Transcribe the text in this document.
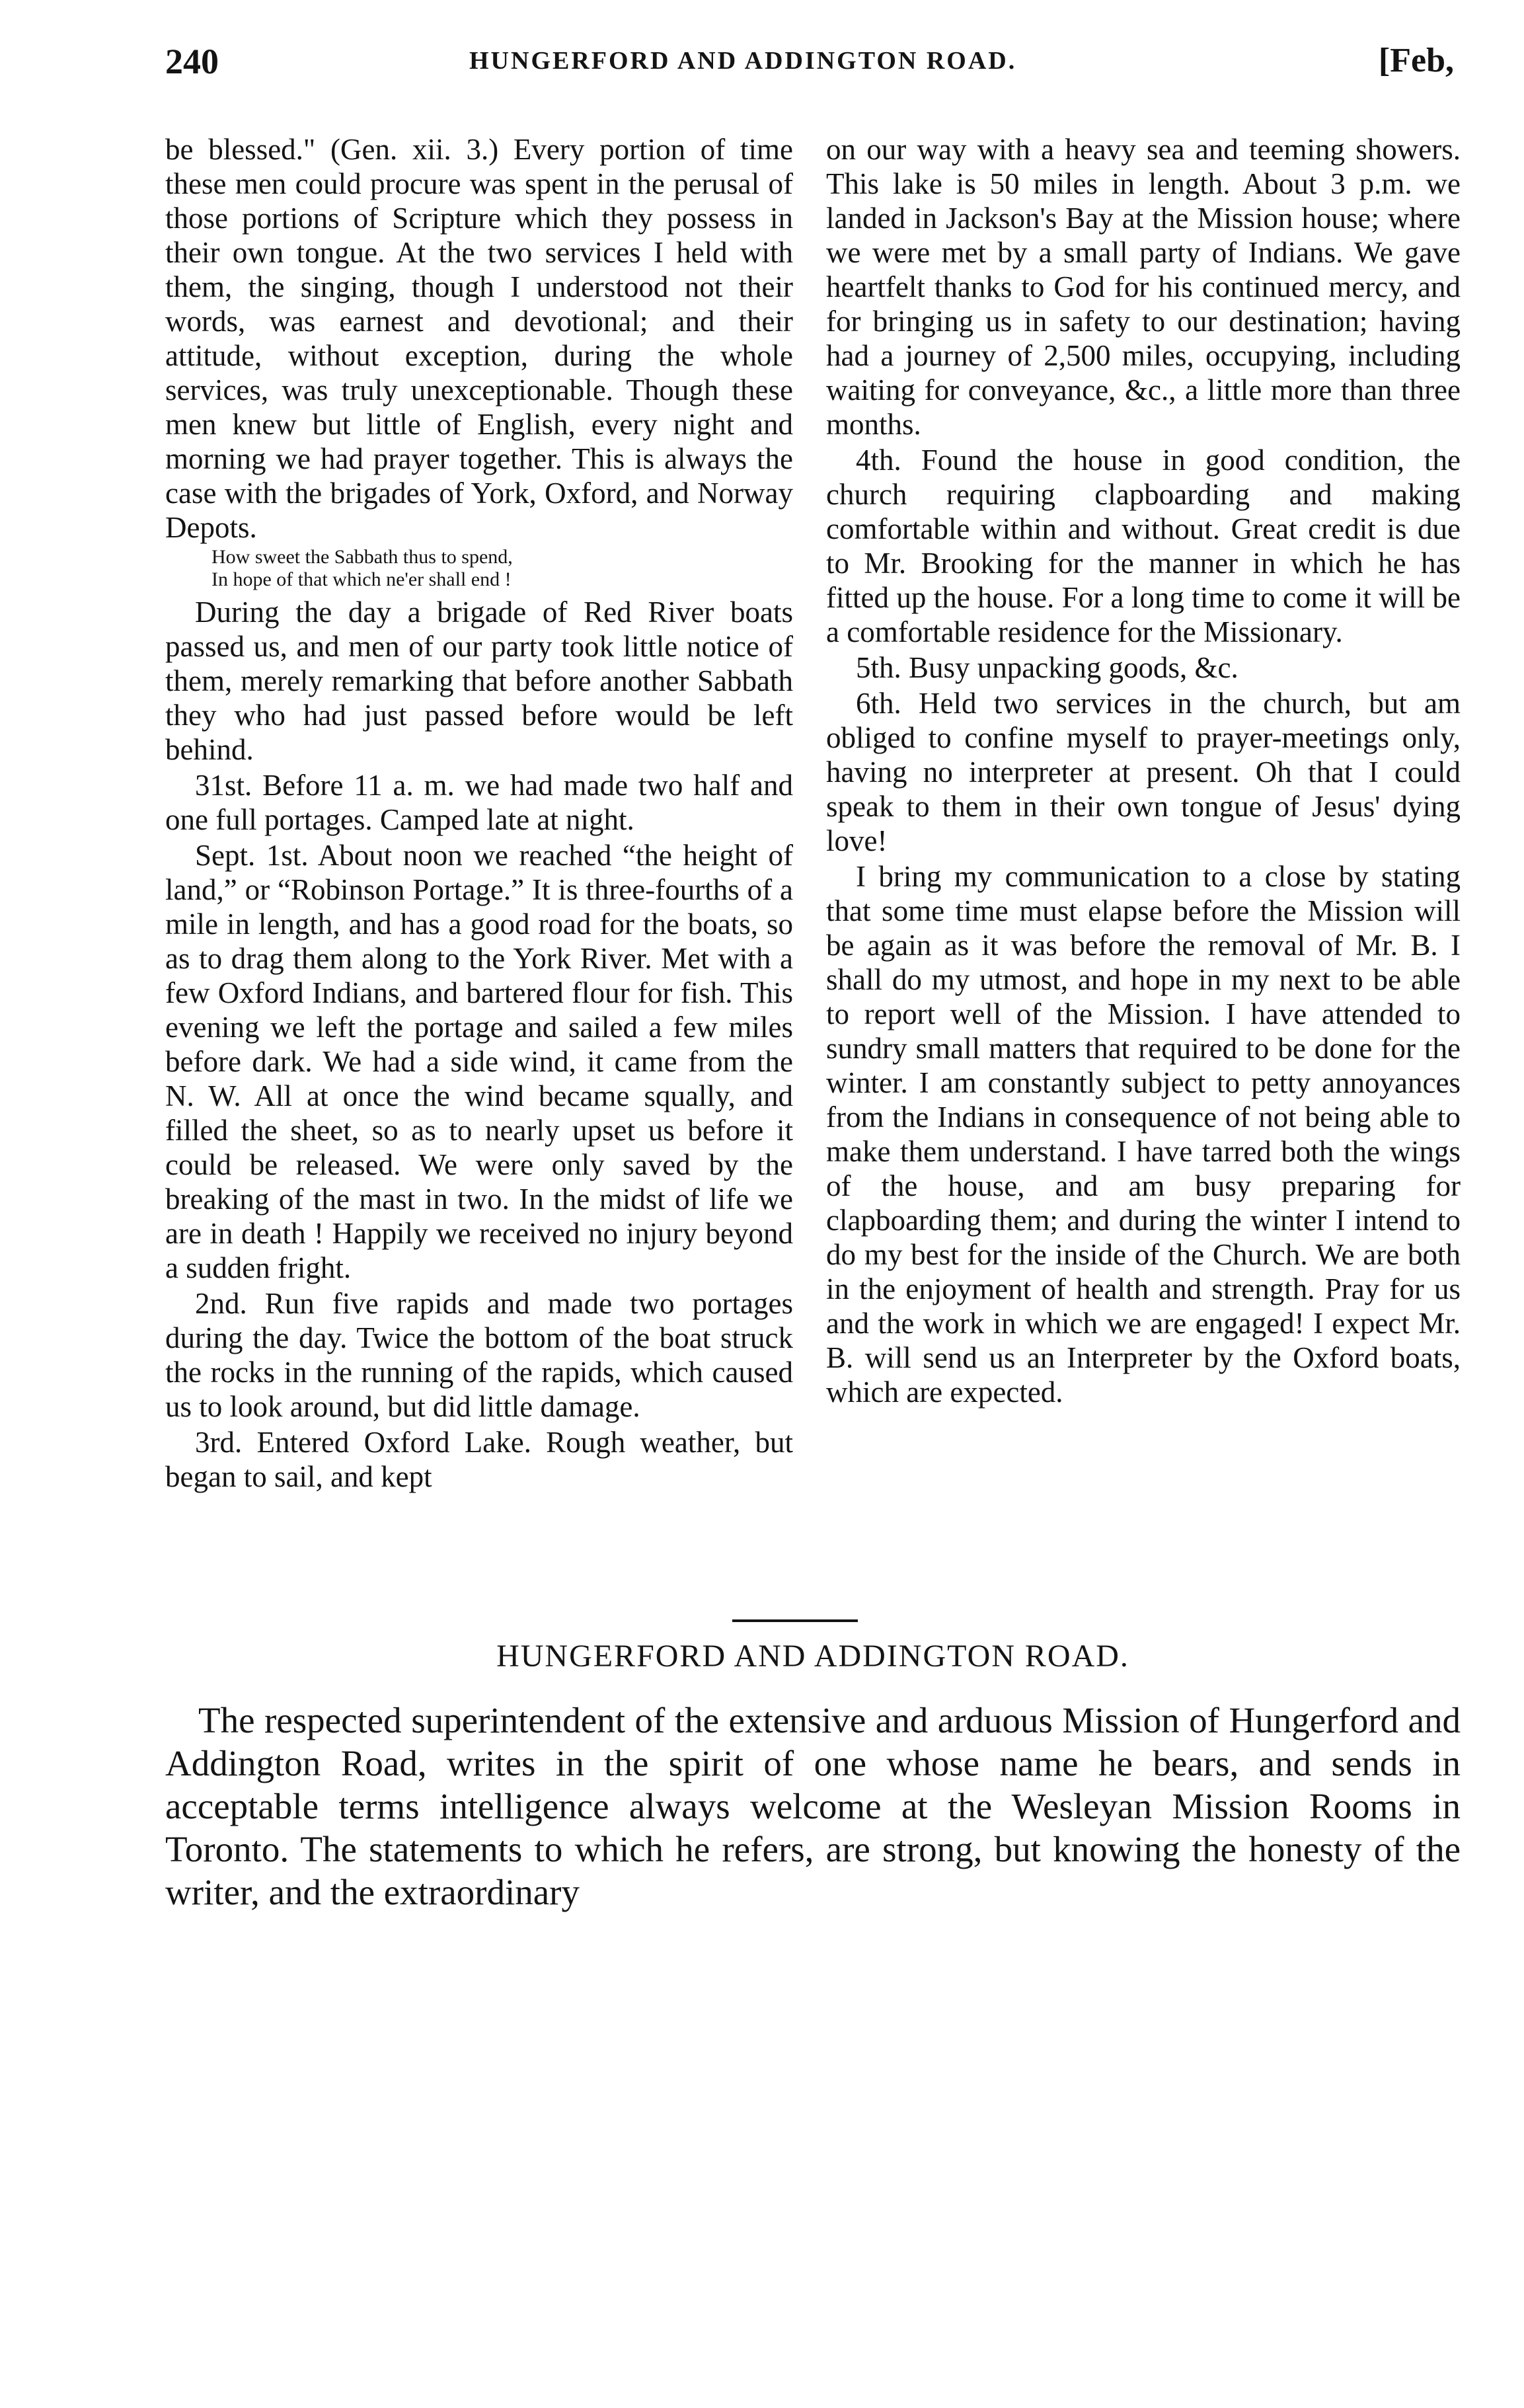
240	HUNGERFORD AND ADDINGTON ROAD.	[Feb,

be blessed." (Gen. xii. 3.) Every portion of time these men could procure was spent in the perusal of those portions of Scripture which they possess in their own tongue. At the two services I held with them, the singing, though I understood not their words, was earnest and devotional; and their attitude, without exception, during the whole services, was truly unexceptionable. Though these men knew but little of English, every night and morning we had prayer together. This is always the case with the brigades of York, Oxford, and Norway Depots.

How sweet the Sabbath thus to spend,
In hope of that which ne'er shall end !

During the day a brigade of Red River boats passed us, and men of our party took little notice of them, merely remarking that before another Sabbath they who had just passed before would be left behind.

31st. Before 11 a. m. we had made two half and one full portages. Camped late at night.

Sept. 1st. About noon we reached “the height of land,” or “Robinson Portage.” It is three-fourths of a mile in length, and has a good road for the boats, so as to drag them along to the York River. Met with a few Oxford Indians, and bartered flour for fish. This evening we left the portage and sailed a few miles before dark. We had a side wind, it came from the N. W. All at once the wind became squally, and filled the sheet, so as to nearly upset us before it could be released. We were only saved by the breaking of the mast in two. In the midst of life we are in death ! Happily we received no injury beyond a sudden fright.

2nd. Run five rapids and made two portages during the day. Twice the bottom of the boat struck the rocks in the running of the rapids, which caused us to look around, but did little damage.

3rd. Entered Oxford Lake. Rough weather, but began to sail, and kept

on our way with a heavy sea and teeming showers. This lake is 50 miles in length. About 3 p.m. we landed in Jackson's Bay at the Mission house; where we were met by a small party of Indians. We gave heartfelt thanks to God for his continued mercy, and for bringing us in safety to our destination; having had a journey of 2,500 miles, occupying, including waiting for conveyance, &c., a little more than three months.

4th. Found the house in good condition, the church requiring clapboarding and making comfortable within and without. Great credit is due to Mr. Brooking for the manner in which he has fitted up the house. For a long time to come it will be a comfortable residence for the Missionary.

5th. Busy unpacking goods, &c.

6th. Held two services in the church, but am obliged to confine myself to prayer-meetings only, having no interpreter at present. Oh that I could speak to them in their own tongue of Jesus' dying love!

I bring my communication to a close by stating that some time must elapse before the Mission will be again as it was before the removal of Mr. B. I shall do my utmost, and hope in my next to be able to report well of the Mission. I have attended to sundry small matters that required to be done for the winter. I am constantly subject to petty annoyances from the Indians in consequence of not being able to make them understand. I have tarred both the wings of the house, and am busy preparing for clapboarding them; and during the winter I intend to do my best for the inside of the Church. We are both in the enjoyment of health and strength. Pray for us and the work in which we are engaged! I expect Mr. B. will send us an Interpreter by the Oxford boats, which are expected.

HUNGERFORD AND ADDINGTON ROAD.

The respected superintendent of the extensive and arduous Mission of Hungerford and Addington Road, writes in the spirit of one whose name he bears, and sends in acceptable terms intelligence always welcome at the Wesleyan Mission Rooms in Toronto. The statements to which he refers, are strong, but knowing the honesty of the writer, and the extraordinary
